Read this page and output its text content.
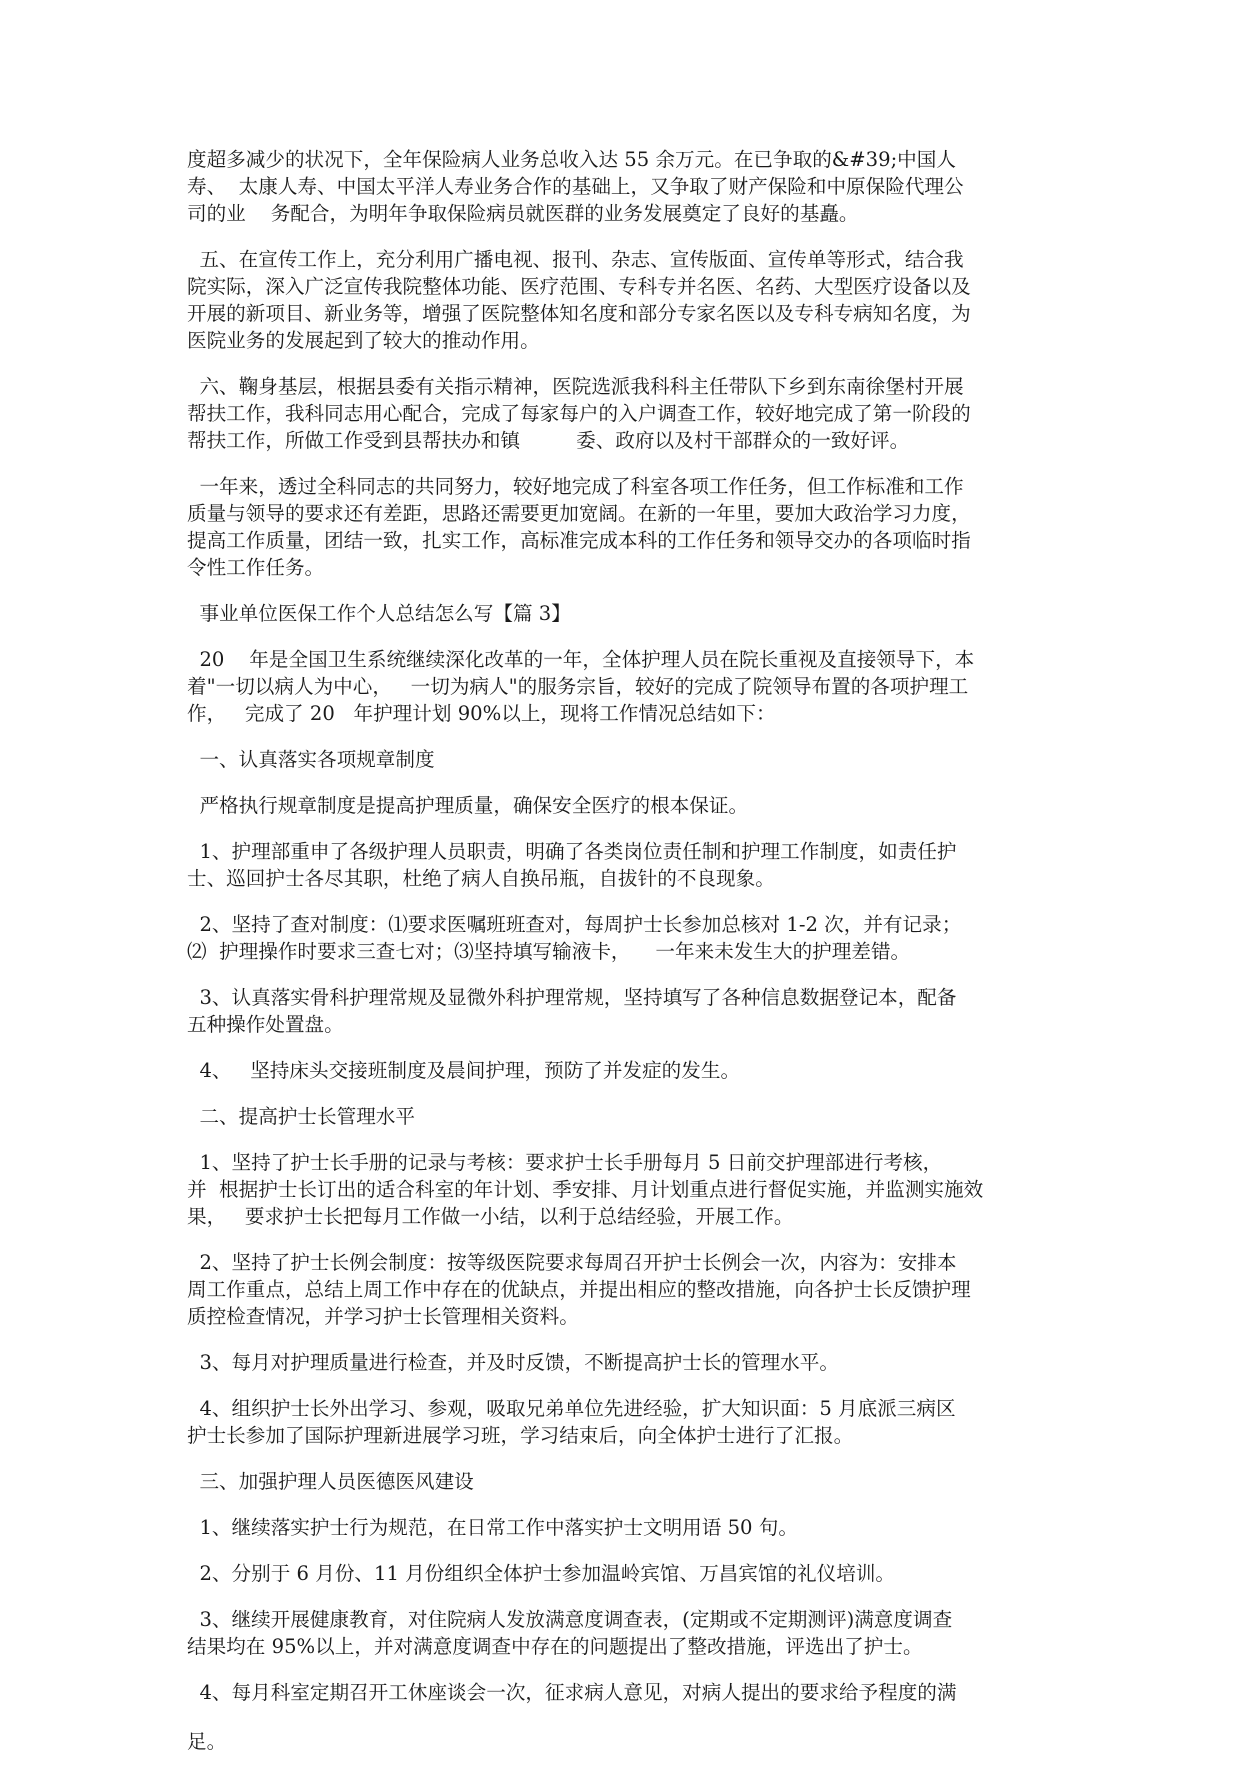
度超多减少的状况下，全年保险病人业务总收入达 55 余万元。在已争取的&#39;中国人
寿、  太康人寿、中国太平洋人寿业务合作的基础上，又争取了财产保险和中原保险代理公
司的业    务配合，为明年争取保险病员就医群的业务发展奠定了良好的基矗。
五、在宣传工作上，充分利用广播电视、报刊、杂志、宣传版面、宣传单等形式，结合我
院实际，深入广泛宣传我院整体功能、医疗范围、专科专并名医、名药、大型医疗设备以及
开展的新项目、新业务等，增强了医院整体知名度和部分专家名医以及专科专病知名度，为
医院业务的发展起到了较大的推动作用。
六、鞠身基层，根据县委有关指示精神，医院选派我科科主任带队下乡到东南徐堡村开展
帮扶工作，我科同志用心配合，完成了每家每户的入户调查工作，较好地完成了第一阶段的
帮扶工作，所做工作受到县帮扶办和镇         委、政府以及村干部群众的一致好评。
一年来，透过全科同志的共同努力，较好地完成了科室各项工作任务，但工作标准和工作
质量与领导的要求还有差距，思路还需要更加宽阔。在新的一年里，要加大政治学习力度，
提高工作质量，团结一致，扎实工作，高标准完成本科的工作任务和领导交办的各项临时指
令性工作任务。
事业单位医保工作个人总结怎么写【篇 3】
20    年是全国卫生系统继续深化改革的一年，全体护理人员在院长重视及直接领导下，本
着"一切以病人为中心，   一切为病人"的服务宗旨，较好的完成了院领导布置的各项护理工
作，   完成了 20   年护理计划 90%以上，现将工作情况总结如下：
一、认真落实各项规章制度
严格执行规章制度是提高护理质量，确保安全医疗的根本保证。
1、护理部重申了各级护理人员职责，明确了各类岗位责任制和护理工作制度，如责任护
士、巡回护士各尽其职，杜绝了病人自换吊瓶，自拔针的不良现象。
2、坚持了查对制度：⑴要求医嘱班班查对，每周护士长参加总核对 1-2 次，并有记录；
⑵  护理操作时要求三查七对；⑶坚持填写输液卡，    一年来未发生大的护理差错。
3、认真落实骨科护理常规及显微外科护理常规，坚持填写了各种信息数据登记本，配备
五种操作处置盘。
4、   坚持床头交接班制度及晨间护理，预防了并发症的发生。
二、提高护士长管理水平
1、坚持了护士长手册的记录与考核：要求护士长手册每月 5 日前交护理部进行考核，
并  根据护士长订出的适合科室的年计划、季安排、月计划重点进行督促实施，并监测实施效
果，   要求护士长把每月工作做一小结，以利于总结经验，开展工作。
2、坚持了护士长例会制度：按等级医院要求每周召开护士长例会一次，内容为：安排本
周工作重点，总结上周工作中存在的优缺点，并提出相应的整改措施，向各护士长反馈护理
质控检查情况，并学习护士长管理相关资料。
3、每月对护理质量进行检查，并及时反馈，不断提高护士长的管理水平。
4、组织护士长外出学习、参观，吸取兄弟单位先进经验，扩大知识面：5 月底派三病区
护士长参加了国际护理新进展学习班，学习结束后，向全体护士进行了汇报。
三、加强护理人员医德医风建设
1、继续落实护士行为规范，在日常工作中落实护士文明用语 50 句。
2、分别于 6 月份、11 月份组织全体护士参加温岭宾馆、万昌宾馆的礼仪培训。
3、继续开展健康教育，对住院病人发放满意度调查表，(定期或不定期测评)满意度调查
结果均在 95%以上，并对满意度调查中存在的问题提出了整改措施，评选出了护士。
4、每月科室定期召开工休座谈会一次，征求病人意见，对病人提出的要求给予程度的满
足。
